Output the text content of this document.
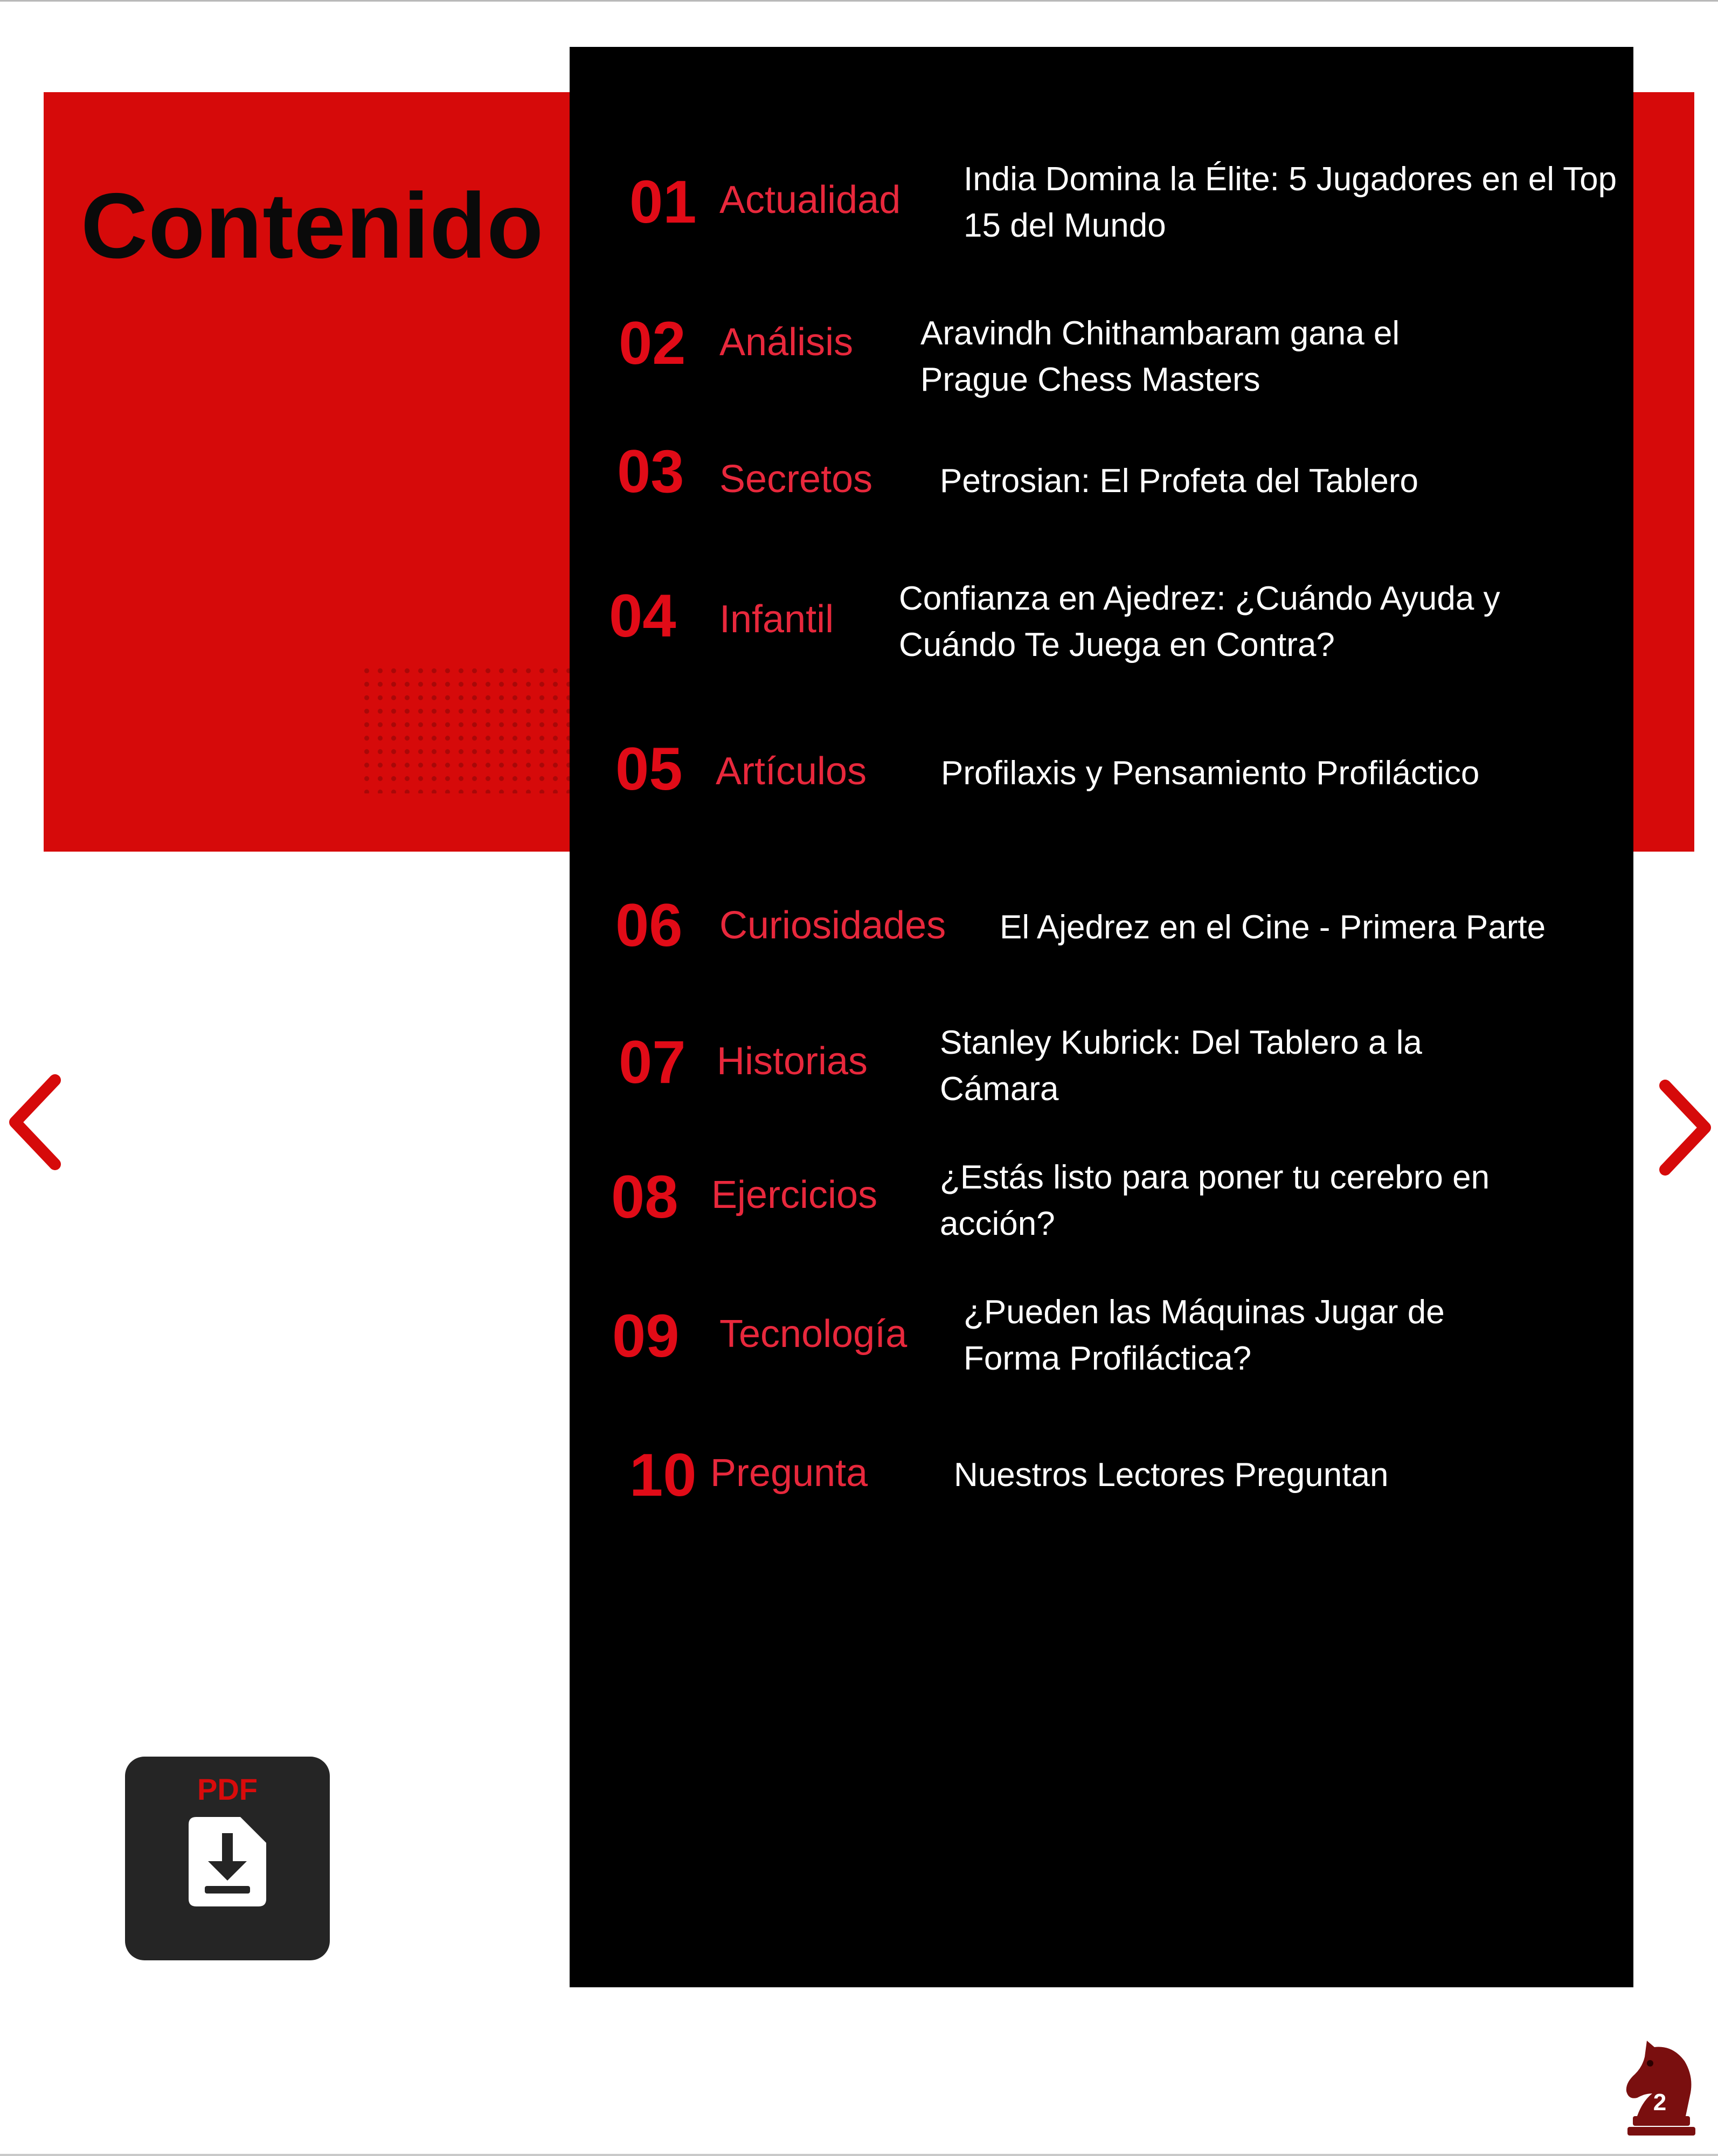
Contenido 01 Actualidad India Domina la Élite: 5 Jugadores en el Top 15 del Mundo
02 Análisis Aravindh Chithambaram gana el Prague Chess Masters
03 Secretos Petrosian: El Profeta del Tablero
04 Infantil Confianza en Ajedrez: ¿Cuándo Ayuda y Cuándo Te Juega en Contra?
05 Artículos Profilaxis y Pensamiento Profiláctico
06 Curiosidades El Ajedrez en el Cine - Primera Parte
07 Historias Stanley Kubrick: Del Tablero a la Cámara
08 Ejercicios ¿Estás listo para poner tu cerebro en acción?
09 Tecnología
¿Pueden las Máquinas Jugar de Forma Profiláctica?
10 Pregunta	Nuestros Lectores Preguntan
PDF
2
